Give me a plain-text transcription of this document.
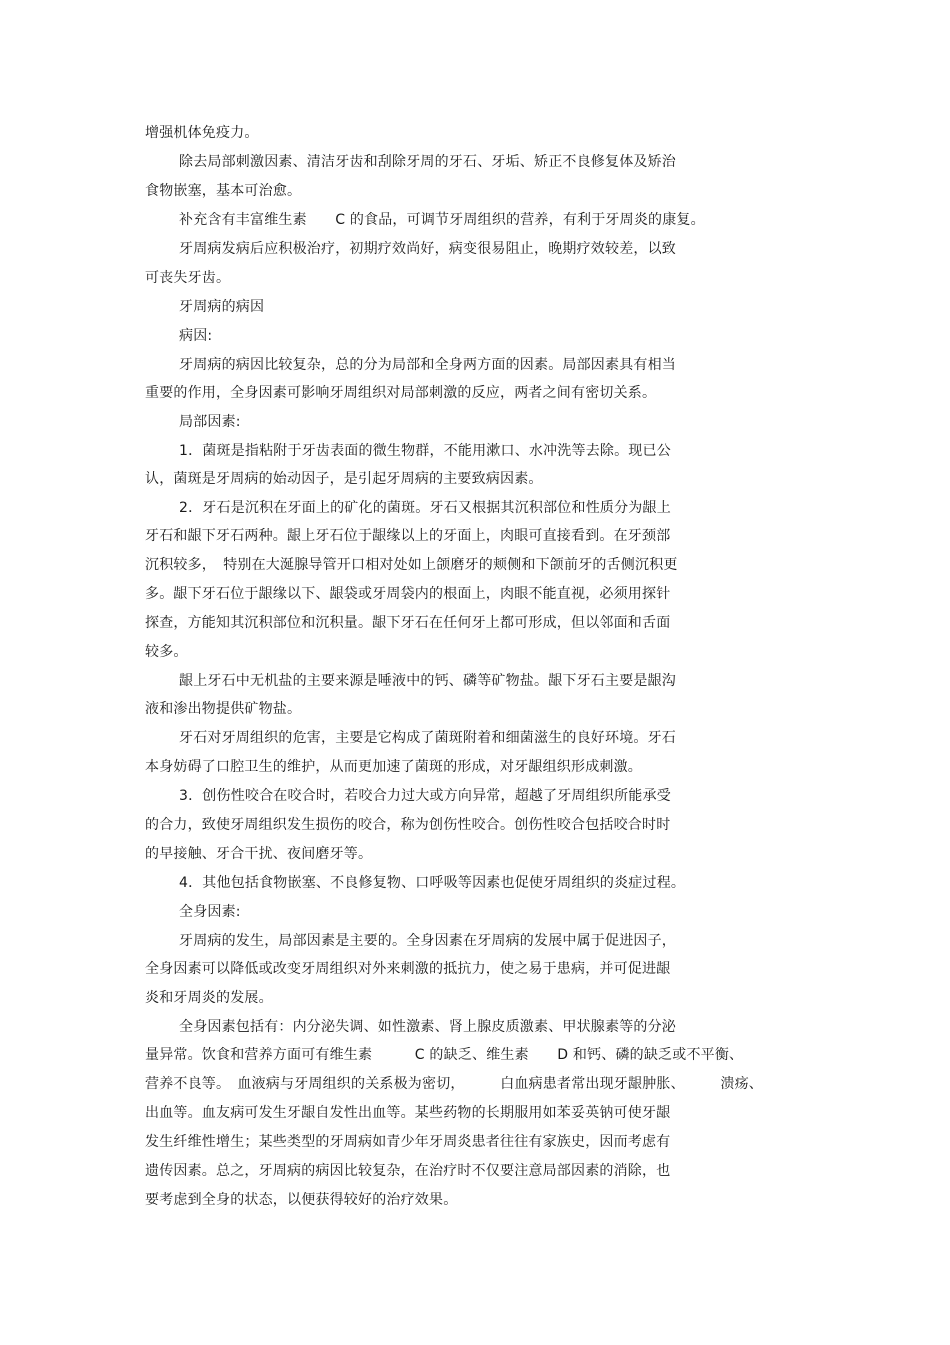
增强机体免疫力。
除去局部刺激因素、清洁牙齿和刮除牙周的牙石、牙垢、矫正不良修复体及矫治
食物嵌塞，基本可治愈。
补充含有丰富维生素　　C 的食品，可调节牙周组织的营养，有利于牙周炎的康复。
牙周病发病后应积极治疗，初期疗效尚好，病变很易阻止，晚期疗效较差，以致
可丧失牙齿。
牙周病的病因
病因:
牙周病的病因比较复杂，总的分为局部和全身两方面的因素。局部因素具有相当
重要的作用，全身因素可影响牙周组织对局部刺激的反应，两者之间有密切关系。
局部因素:
1．菌斑是指粘附于牙齿表面的微生物群，不能用漱口、水冲洗等去除。现已公
认，菌斑是牙周病的始动因子，是引起牙周病的主要致病因素。
2．牙石是沉积在牙面上的矿化的菌斑。牙石又根据其沉积部位和性质分为龈上
牙石和龈下牙石两种。龈上牙石位于龈缘以上的牙面上，肉眼可直接看到。在牙颈部
沉积较多，　特别在大涎腺导管开口相对处如上颌磨牙的颊侧和下颌前牙的舌侧沉积更
多。龈下牙石位于龈缘以下、龈袋或牙周袋内的根面上，肉眼不能直视，必须用探针
探查，方能知其沉积部位和沉积量。龈下牙石在任何牙上都可形成，但以邻面和舌面
较多。
龈上牙石中无机盐的主要来源是唾液中的钙、磷等矿物盐。龈下牙石主要是龈沟
液和渗出物提供矿物盐。
牙石对牙周组织的危害，主要是它构成了菌斑附着和细菌滋生的良好环境。牙石
本身妨碍了口腔卫生的维护，从而更加速了菌斑的形成，对牙龈组织形成刺激。
3．创伤性咬合在咬合时，若咬合力过大或方向异常，超越了牙周组织所能承受
的合力，致使牙周组织发生损伤的咬合，称为创伤性咬合。创伤性咬合包括咬合时时
的早接触、牙合干扰、夜间磨牙等。
4．其他包括食物嵌塞、不良修复物、口呼吸等因素也促使牙周组织的炎症过程。
全身因素:
牙周病的发生，局部因素是主要的。全身因素在牙周病的发展中属于促进因子，
全身因素可以降低或改变牙周组织对外来刺激的抵抗力，使之易于患病，并可促进龈
炎和牙周炎的发展。
全身因素包括有：内分泌失调、如性激素、肾上腺皮质激素、甲状腺素等的分泌
量异常。饮食和营养方面可有维生素　　　C 的缺乏、维生素　　D 和钙、磷的缺乏或不平衡、
营养不良等。　血液病与牙周组织的关系极为密切，　　　白血病患者常出现牙龈肿胀、　　　溃疡、
出血等。血友病可发生牙龈自发性出血等。某些药物的长期服用如苯妥英钠可使牙龈
发生纤维性增生；某些类型的牙周病如青少年牙周炎患者往往有家族史，因而考虑有
遗传因素。总之，牙周病的病因比较复杂，在治疗时不仅要注意局部因素的消除，也
要考虑到全身的状态，以便获得较好的治疗效果。
